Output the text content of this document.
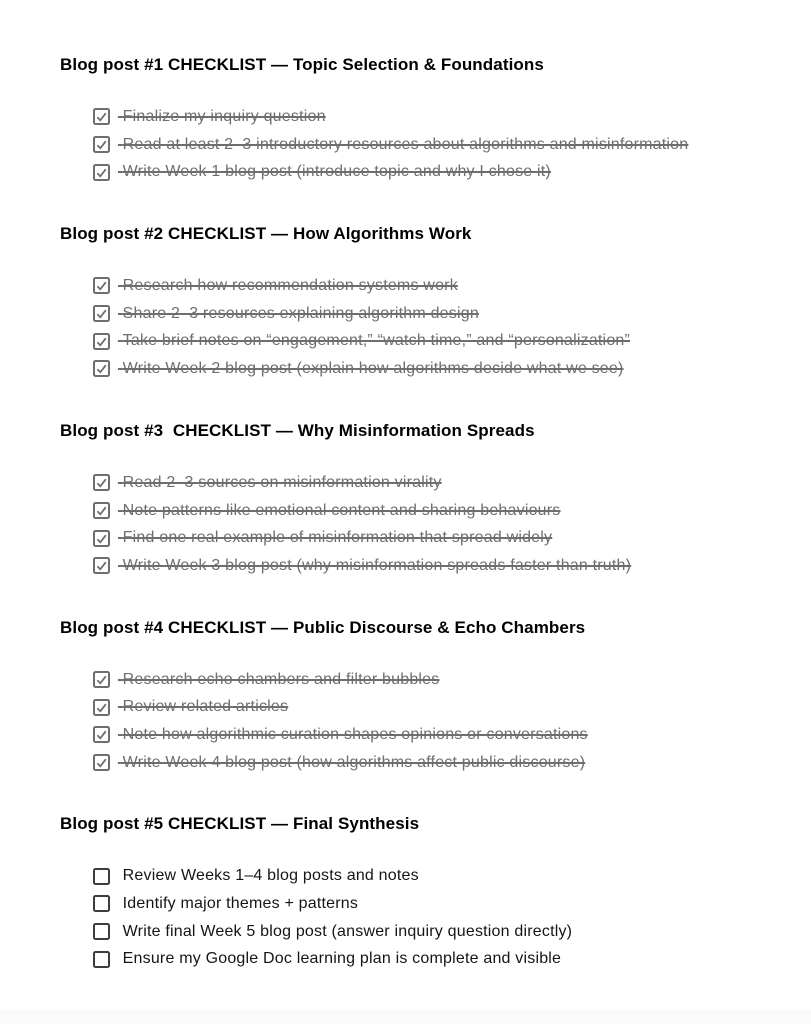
Blog post #1 CHECKLIST — Topic Selection & Foundations
Finalize my inquiry question
Read at least 2–3 introductory resources about algorithms and misinformation
Write Week 1 blog post (introduce topic and why I chose it)
Blog post #2 CHECKLIST — How Algorithms Work
Research how recommendation systems work
Share 2–3 resources explaining algorithm design
Take brief notes on “engagement,” “watch time,” and “personalization”
Write Week 2 blog post (explain how algorithms decide what we see)
Blog post #3  CHECKLIST — Why Misinformation Spreads
Read 2–3 sources on misinformation virality
Note patterns like emotional content and sharing behaviours
Find one real example of misinformation that spread widely
Write Week 3 blog post (why misinformation spreads faster than truth)
Blog post #4 CHECKLIST — Public Discourse & Echo Chambers
Research echo chambers and filter bubbles
Review related articles
Note how algorithmic curation shapes opinions or conversations
Write Week 4 blog post (how algorithms affect public discourse)
Blog post #5 CHECKLIST — Final Synthesis
Review Weeks 1–4 blog posts and notes
Identify major themes + patterns
Write final Week 5 blog post (answer inquiry question directly)
Ensure my Google Doc learning plan is complete and visible
